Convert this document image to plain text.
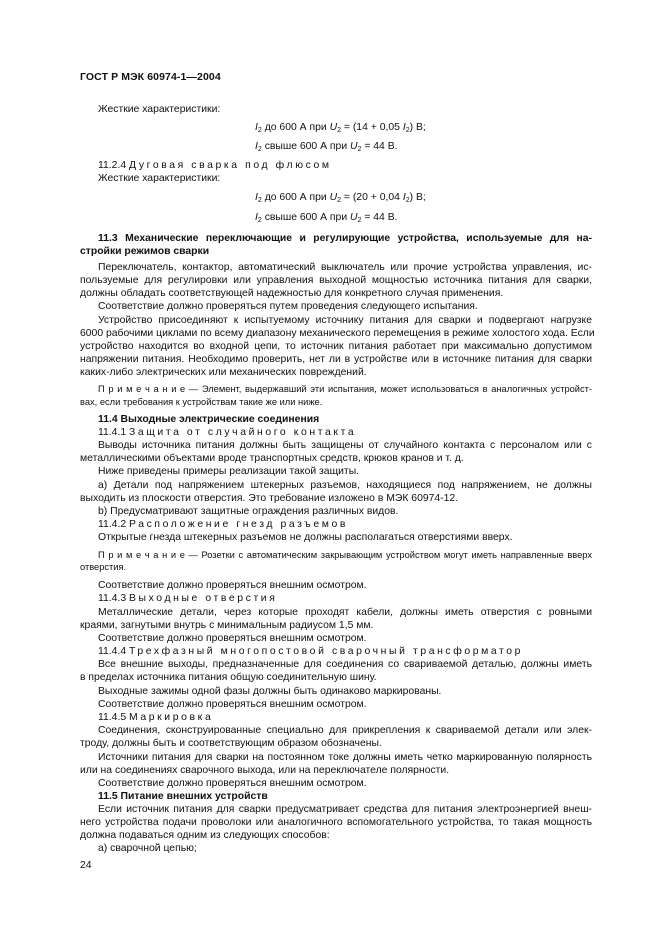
ГОСТ Р МЭК 60974-1—2004
Жесткие характеристики:
$I_2$ до 600 А при $U_2 = (14 + 0,05$ $I_2$) В;
$I_2$ свыше 600 А при $U_2 = 44$ В.
11.2.4 Дуговая сварка под флюсом
Жесткие характеристики:
$I_2$ до 600 А при $U_2 = (20 + 0,04$ $I_2$) В;
$I_2$ свыше 600 А при $U_2 = 44$ В.
11.3 Механические переключающие и регулирующие устройства, используемые для на-
стройки режимов сварки
Переключатель, контактор, автоматический выключатель или прочие устройства управления, ис-
пользуемые для регулировки или управления выходной мощностью источника питания для сварки,
должны обладать соответствующей надежностью для конкретного случая применения.
Соответствие должно проверяться путем проведения следующего испытания.
Устройство присоединяют к испытуемому источнику питания для сварки и подвергают нагрузке
6000 рабочими циклами по всему диапазону механического перемещения в режиме холостого хода. Если
устройство находится во входной цепи, то источник питания работает при максимально допустимом
напряжении питания. Необходимо проверить, нет ли в устройстве или в источнике питания для сварки
каких-либо электрических или механических повреждений.
П р и м е ч а н и е — Элемент, выдержавший эти испытания, может использоваться в аналогичных устройст-
вах, если требования к устройствам такие же или ниже.
11.4 Выходные электрические соединения
11.4.1 Защита от случайного контакта
Выводы источника питания должны быть защищены от случайного контакта с персоналом или с
металлическими объектами вроде транспортных средств, крюков кранов и т. д.
Ниже приведены примеры реализации такой защиты.
а) Детали под напряжением штекерных разъемов, находящиеся под напряжением, не должны
выходить из плоскости отверстия. Это требование изложено в МЭК 60974-12.
b) Предусматривают защитные ограждения различных видов.
11.4.2 Расположение гнезд разъемов
Открытые гнезда штекерных разъемов не должны располагаться отверстиями вверх.
П р и м е ч а н и е — Розетки с автоматическим закрывающим устройством могут иметь направленные вверх
отверстия.
Соответствие должно проверяться внешним осмотром.
11.4.3 Выходные отверстия
Металлические детали, через которые проходят кабели, должны иметь отверстия с ровными
краями, загнутыми внутрь с минимальным радиусом 1,5 мм.
Соответствие должно проверяться внешним осмотром.
11.4.4 Трехфазный многопостовой сварочный трансформатор
Все внешние выходы, предназначенные для соединения со свариваемой деталью, должны иметь
в пределах источника питания общую соединительную шину.
Выходные зажимы одной фазы должны быть одинаково маркированы.
Соответствие должно проверяться внешним осмотром.
11.4.5 Маркировка
Соединения, сконструированные специально для прикрепления к свариваемой детали или элек-
троду, должны быть и соответствующим образом обозначены.
Источники питания для сварки на постоянном токе должны иметь четко маркированную полярность
или на соединениях сварочного выхода, или на переключателе полярности.
Соответствие должно проверяться внешним осмотром.
11.5 Питание внешних устройств
Если источник питания для сварки предусматривает средства для питания электроэнергией внеш-
него устройства подачи проволоки или аналогичного вспомогательного устройства, то такая мощность
должна подаваться одним из следующих способов:
а) сварочной цепью;
24
